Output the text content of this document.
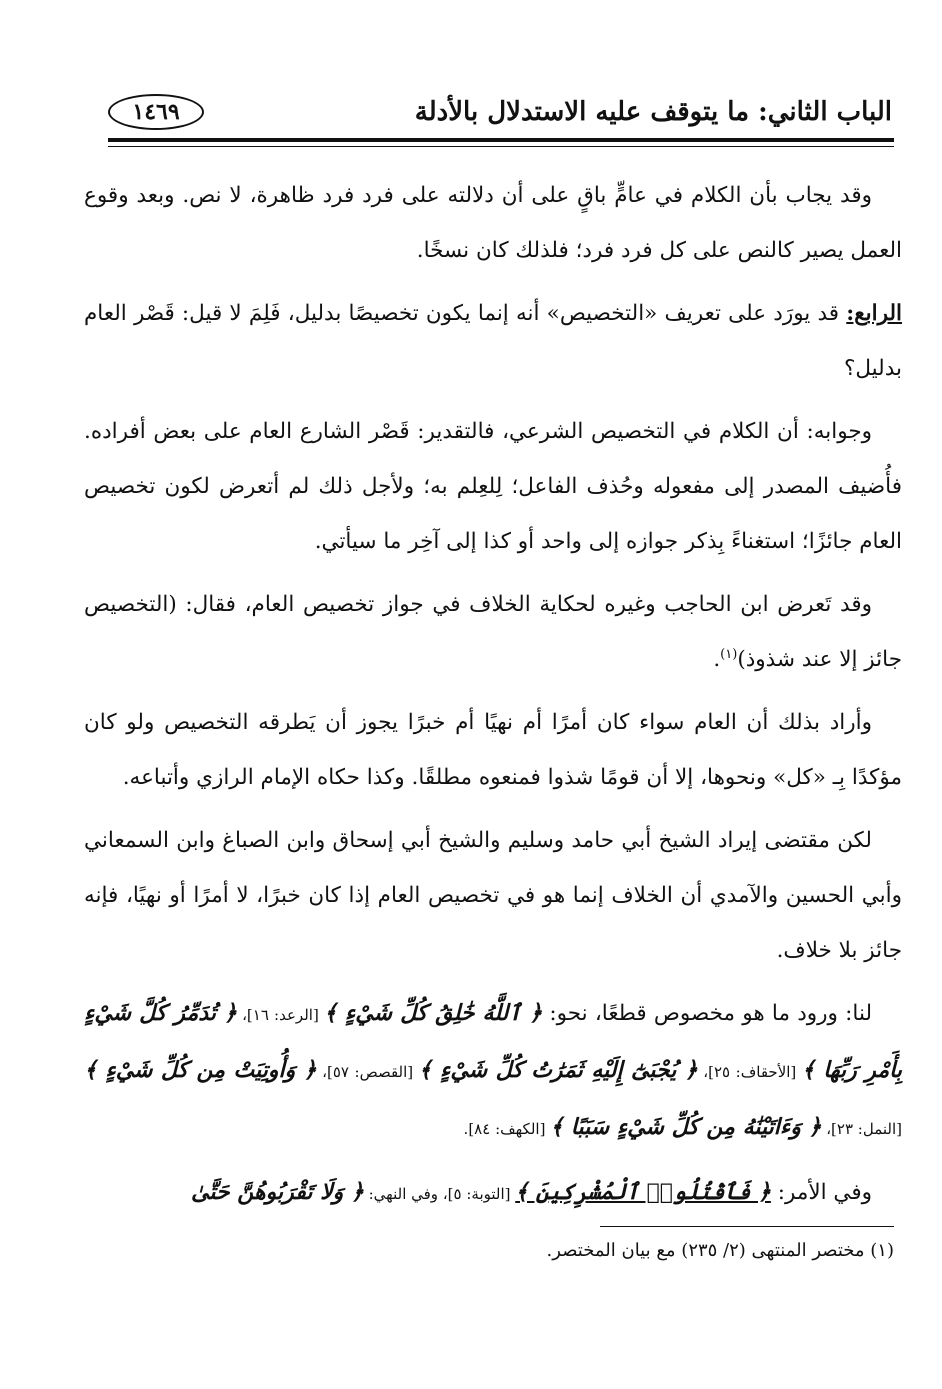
الباب الثاني: ما يتوقف عليه الاستدلال بالأدلة
١٤٦٩

وقد يجاب بأن الكلام في عامٍّ باقٍ على أن دلالته على فرد فرد ظاهرة، لا نص. وبعد وقوع العمل يصير كالنص على كل فرد فرد؛ فلذلك كان نسخًا.

الرابع: قد يورَد على تعريف «التخصيص» أنه إنما يكون تخصيصًا بدليل، فَلِمَ لا قيل: قَصْر العام بدليل؟

وجوابه: أن الكلام في التخصيص الشرعي، فالتقدير: قَصْر الشارع العام على بعض أفراده. فأُضيف المصدر إلى مفعوله وحُذف الفاعل؛ لِلعِلم به؛ ولأجل ذلك لم أتعرض لكون تخصيص العام جائزًا؛ استغناءً بِذكر جوازه إلى واحد أو كذا إلى آخِر ما سيأتي.

وقد تَعرض ابن الحاجب وغيره لحكاية الخلاف في جواز تخصيص العام، فقال: (التخصيص جائز إلا عند شذوذ)$^{(١)}$.

وأراد بذلك أن العام سواء كان أمرًا أم نهيًا أم خبرًا يجوز أن يَطرقه التخصيص ولو كان مؤكدًا بِـ «كل» ونحوها، إلا أن قومًا شذوا فمنعوه مطلقًا. وكذا حكاه الإمام الرازي وأتباعه.

لكن مقتضى إيراد الشيخ أبي حامد وسليم والشيخ أبي إسحاق وابن الصباغ وابن السمعاني وأبي الحسين والآمدي أن الخلاف إنما هو في تخصيص العام إذا كان خبرًا، لا أمرًا أو نهيًا، فإنه جائز بلا خلاف.

لنا: ورود ما هو مخصوص قطعًا، نحو: ﴿ ٱللَّهُ خَٰلِقُ كُلِّ شَيْءٍ ﴾ [الرعد: ١٦]، ﴿ تُدَمِّرُ كُلَّ شَيْءٍ بِأَمْرِ رَبِّهَا ﴾ [الأحقاف: ٢٥]، ﴿ يُجْبَىٰٓ إِلَيْهِ ثَمَرَٰتُ كُلِّ شَيْءٍ ﴾ [القصص: ٥٧]، ﴿ وَأُوتِيَتْ مِن كُلِّ شَيْءٍ ﴾ [النمل: ٢٣]، ﴿ وَءَاتَيْنَٰهُ مِن كُلِّ شَيْءٍ سَبَبًا ﴾ [الكهف: ٨٤].

وفي الأمر: ﴿ فَٱقْتُلُوا۟ ٱلْمُشْرِكِينَ ﴾ [التوبة: ٥]، وفي النهي: ﴿ وَلَا تَقْرَبُوهُنَّ حَتَّىٰ

(١) مختصر المنتهى (٢/ ٢٣٥) مع بيان المختصر.
